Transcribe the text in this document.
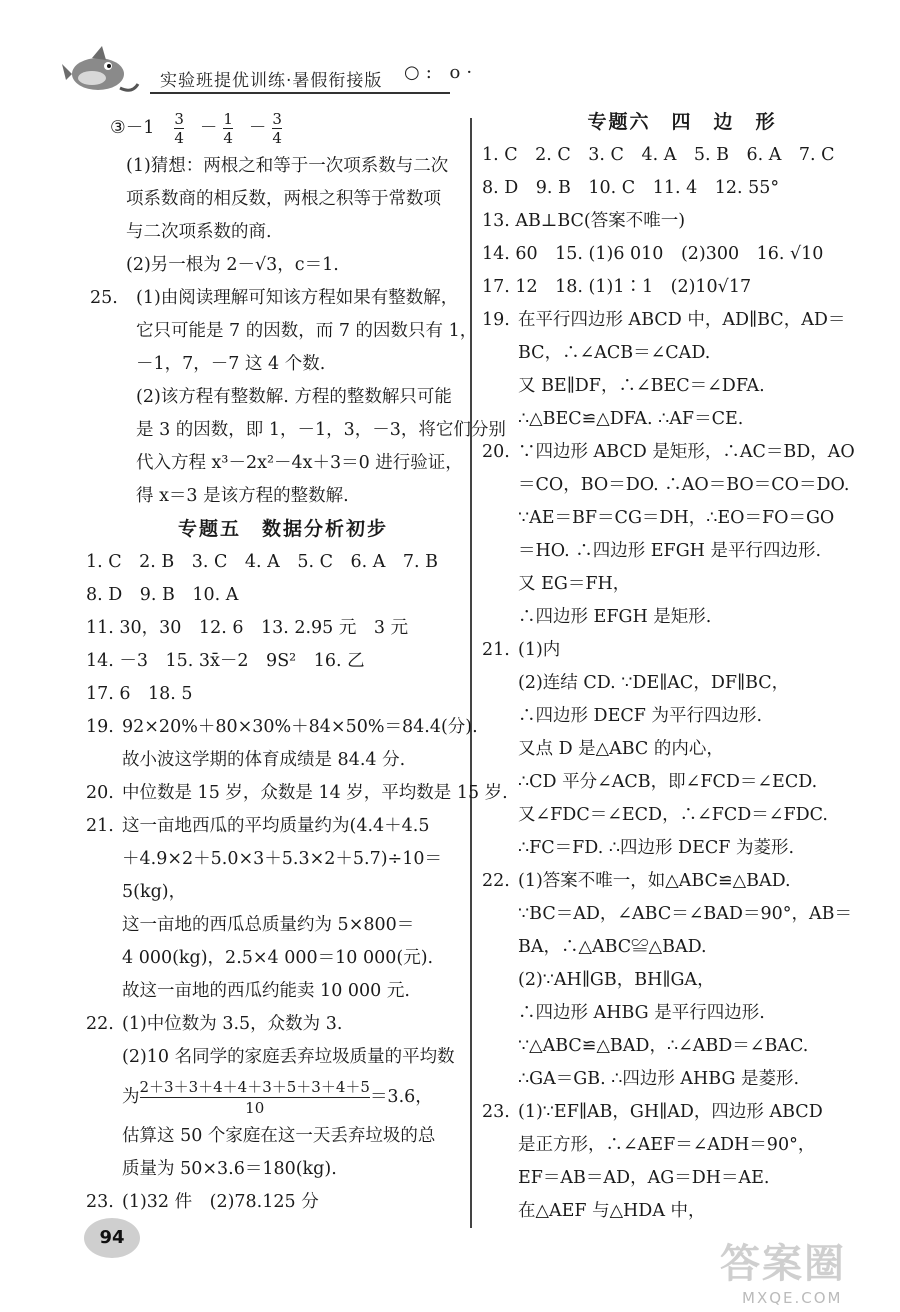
实验班提优训练·暑假衔接版 ○: o·
③－1 $\frac{3}{4} - \frac{1}{4} - \frac{3}{4}$
(1)猜想：两根之和等于一次项系数与二次
项系数商的相反数，两根之积等于常数项
与二次项系数的商.
(2)另一根为 2－√3，c＝1.
25.	(1)由阅读理解可知该方程如果有整数解，
它只可能是 7 的因数，而 7 的因数只有 1，
－1，7，－7 这 4 个数.
(2)该方程有整数解. 方程的整数解只可能
是 3 的因数，即 1，－1，3，－3，将它们分别
代入方程 x³－2x²－4x＋3＝0 进行验证，
得 x＝3 是该方程的整数解.
专题五　数据分析初步
1. C　2. B　3. C　4. A　5. C　6. A　7. B
8. D　9. B　10. A
11. 30，30　12. 6　13. 2.95 元　3 元
14. －3　15. 3x̄－2　9S²　16. 乙
17. 6　18. 5
19. 92×20%＋80×30%＋84×50%＝84.4(分).
故小波这学期的体育成绩是 84.4 分.
20. 中位数是 15 岁，众数是 14 岁，平均数是 15 岁.
21. 这一亩地西瓜的平均质量约为(4.4＋4.5
＋4.9×2＋5.0×3＋5.3×2＋5.7)÷10＝
5(kg)，
这一亩地的西瓜总质量约为 5×800＝
4 000(kg)，2.5×4 000＝10 000(元).
故这一亩地的西瓜约能卖 10 000 元.
22. (1)中位数为 3.5，众数为 3.
(2)10 名同学的家庭丢弃垃圾质量的平均数
为 2＋3＋3＋4＋4＋3＋5＋3＋4＋5
10
＝3.6，
估算这 50 个家庭在这一天丢弃垃圾的总
质量为 50×3.6＝180(kg).
23. (1)32 件　(2)78.125 分
专题六　四　边　形
1. C　2. C　3. C　4. A　5. B　6. A　7. C
8. D　9. B　10. C　11. 4　12. 55°
13. AB⊥BC(答案不唯一)
14. 60　15. (1)6 010　(2)300　16. √10
17. 12　18. (1)1∶1　(2)10√17
19. 在平行四边形 ABCD 中，AD∥BC，AD＝
BC，∴∠ACB＝∠CAD.
又 BE∥DF，∴∠BEC＝∠DFA.
∴△BEC≌△DFA. ∴AF＝CE.
20. ∵四边形 ABCD 是矩形，∴AC＝BD，AO
＝CO，BO＝DO. ∴AO＝BO＝CO＝DO.
∵AE＝BF＝CG＝DH，∴EO＝FO＝GO
＝HO. ∴四边形 EFGH 是平行四边形.
又 EG＝FH，
∴四边形 EFGH 是矩形.
21. (1)内
(2)连结 CD. ∵DE∥AC，DF∥BC，
∴四边形 DECF 为平行四边形.
又点 D 是△ABC 的内心，
∴CD 平分∠ACB，即∠FCD＝∠ECD.
又∠FDC＝∠ECD，∴∠FCD＝∠FDC.
∴FC＝FD. ∴四边形 DECF 为菱形.
22. (1)答案不唯一，如△ABC≌△BAD.
∵BC＝AD，∠ABC＝∠BAD＝90°，AB＝
BA，∴△ABC≌△BAD.
(2)∵AH∥GB，BH∥GA，
∴四边形 AHBG 是平行四边形.
∵△ABC≌△BAD，∴∠ABD＝∠BAC.
∴GA＝GB. ∴四边形 AHBG 是菱形.
23. (1)∵EF∥AB，GH∥AD，四边形 ABCD
是正方形，∴∠AEF＝∠ADH＝90°，
EF＝AB＝AD，AG＝DH＝AE.
在△AEF 与△HDA 中，
94
答案圈
MXQE.COM
